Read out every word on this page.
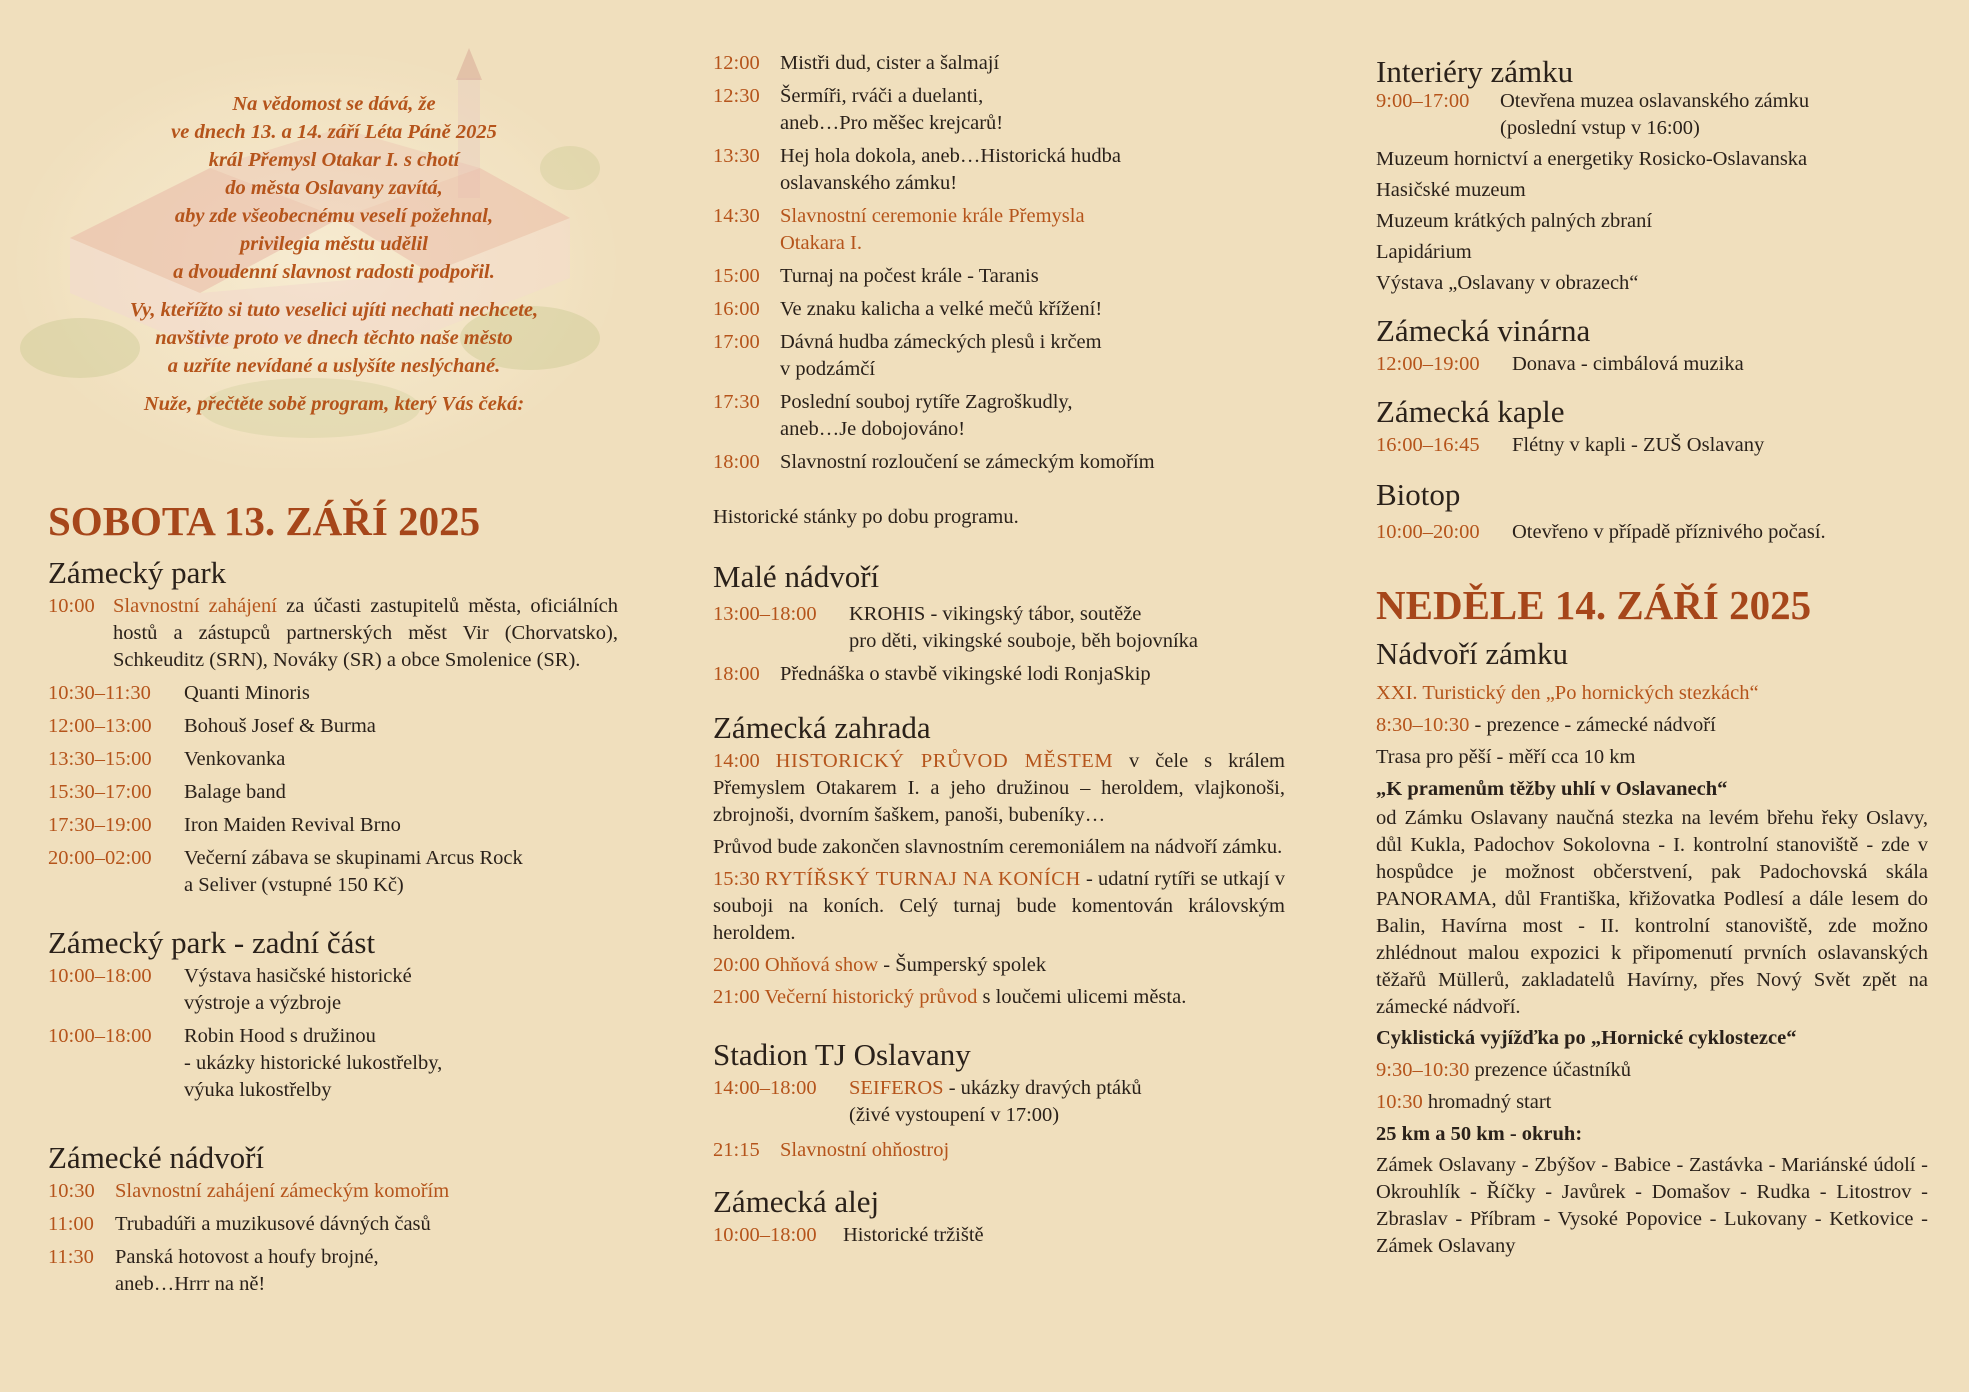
Na vědomost se dává, že
ve dnech 13. a 14. září Léta Páně 2025
král Přemysl Otakar I. s chotí
do města Oslavany zavítá,
aby zde všeobecnému veselí požehnal,
privilegia městu udělil
a dvoudenní slavnost radosti podpořil.

Vy, kteřížto si tuto veselici ujíti nechati nechcete,
navštivte proto ve dnech těchto naše město
a uzříte nevídané a uslyšíte neslýchané.

Nuže, přečtěte sobě program, který Vás čeká:

SOBOTA 13. ZÁŘÍ 2025
Zámecký park
10:00 Slavnostní zahájení za účasti zastupitelů města, oficiálních hostů a zástupců partnerských měst Vir (Chorvatsko), Schkeuditz (SRN), Nováky (SR) a obce Smolenice (SR).
10:30–11:30	Quanti Minoris
12:00–13:00	Bohouš Josef & Burma
13:30–15:00	Venkovanka
15:30–17:00	Balage band
17:30–19:00	Iron Maiden Revival Brno
20:00–02:00	Večerní zábava se skupinami Arcus Rock
a Seliver (vstupné 150 Kč)
Zámecký park - zadní část
10:00–18:00	Výstava hasičské historické
výstroje a výzbroje
10:00–18:00	Robin Hood s družinou
- ukázky historické lukostřelby,
výuka lukostřelby
Zámecké nádvoří
10:30 Slavnostní zahájení zámeckým komořím
11:00	Trubadúři a muzikusové dávných časů
11:30	Panská hotovost a houfy brojné,
aneb…Hrrr na ně!
12:00 Mistři dud, cister a šalmají
12:30 Šermíři, rváči a duelanti,
aneb…Pro měšec krejcarů!
13:30 Hej hola dokola, aneb…Historická hudba
oslavanského zámku!
14:30 Slavnostní ceremonie krále Přemysla
Otakara I.
15:00 Turnaj na počest krále - Taranis
16:00 Ve znaku kalicha a velké mečů křížení!
17:00 Dávná hudba zámeckých plesů i krčem
v podzámčí
17:30 Poslední souboj rytíře Zagroškudly,
aneb…Je dobojováno!
18:00 Slavnostní rozloučení se zámeckým komořím
Historické stánky po dobu programu.
Malé nádvoří
13:00–18:00	KROHIS - vikingský tábor, soutěže
pro děti, vikingské souboje, běh bojovníka
18:00 Přednáška o stavbě vikingské lodi RonjaSkip
Zámecká zahrada
14:00 HISTORICKÝ PRŮVOD MĚSTEM v čele s králem Přemyslem Otakarem I. a jeho družinou – heroldem, vlajkonoši, zbrojnoši, dvorním šaškem, panoši, bubeníky…
Průvod bude zakončen slavnostním ceremoniálem na nádvoří zámku.
15:30 RYTÍŘSKÝ TURNAJ NA KONÍCH - udatní rytíři se utkají v souboji na koních. Celý turnaj bude komentován královským heroldem.
20:00 Ohňová show - Šumperský spolek
21:00 Večerní historický průvod s loučemi ulicemi města.
Stadion TJ Oslavany
14:00–18:00	SEIFEROS - ukázky dravých ptáků
(živé vystoupení v 17:00)
21:15 Slavnostní ohňostroj
Zámecká alej
10:00–18:00	Historické tržiště
Interiéry zámku
9:00–17:00	Otevřena muzea oslavanského zámku
(poslední vstup v 16:00)
Muzeum hornictví a energetiky Rosicko-Oslavanska
Hasičské muzeum
Muzeum krátkých palných zbraní
Lapidárium
Výstava „Oslavany v obrazech“
Zámecká vinárna
12:00–19:00	Donava - cimbálová muzika
Zámecká kaple
16:00–16:45	Flétny v kapli - ZUŠ Oslavany
Biotop
10:00–20:00	Otevřeno v případě příznivého počasí.
NEDĚLE 14. ZÁŘÍ 2025
Nádvoří zámku
XXI. Turistický den „Po hornických stezkách“
8:30–10:30 - prezence - zámecké nádvoří
Trasa pro pěší - měří cca 10 km
„K pramenům těžby uhlí v Oslavanech“
od Zámku Oslavany naučná stezka na levém břehu řeky Oslavy, důl Kukla, Padochov Sokolovna - I. kontrolní stanoviště - zde v hospůdce je možnost občerstvení, pak Padochovská skála PANORAMA, důl Františka, křižovatka Podlesí a dále lesem do Balin, Havírna most - II. kontrolní stanoviště, zde možno zhlédnout malou expozici k připomenutí prvních oslavanských těžařů Müllerů, zakladatelů Havírny, přes Nový Svět zpět na zámecké nádvoří.
Cyklistická vyjížďka po „Hornické cyklostezce“
9:30–10:30 prezence účastníků
10:30 hromadný start
25 km a 50 km - okruh:
Zámek Oslavany - Zbýšov - Babice - Zastávka - Mariánské údolí - Okrouhlík - Říčky - Javůrek - Domašov - Rudka - Litostrov - Zbraslav - Příbram - Vysoké Popovice - Lukovany - Ketkovice - Zámek Oslavany
